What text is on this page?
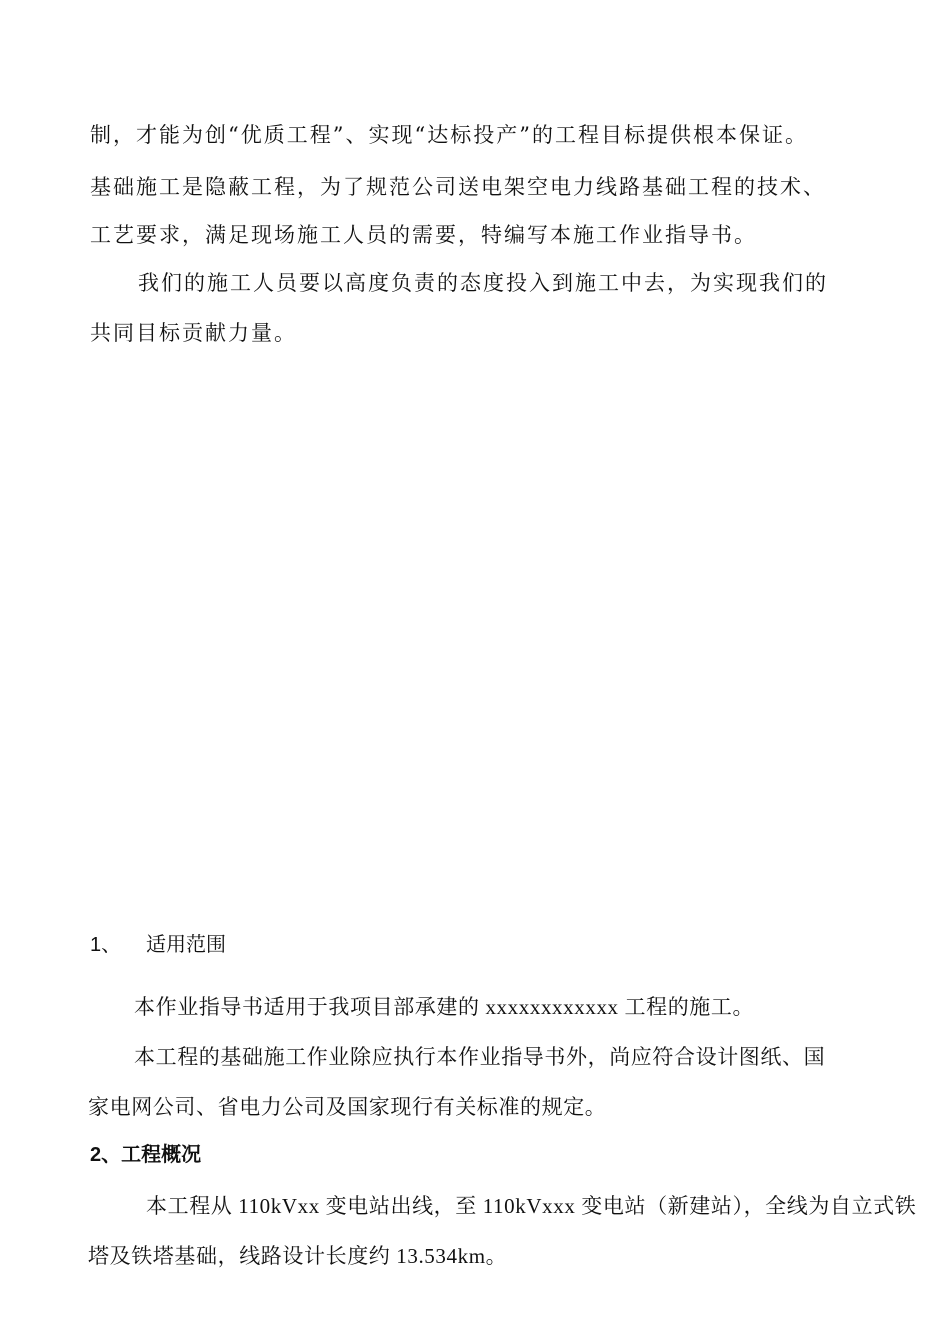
制，才能为创“优质工程”、实现“达标投产”的工程目标提供根本保证。
基础施工是隐蔽工程，为了规范公司送电架空电力线路基础工程的技术、
工艺要求，满足现场施工人员的需要，特编写本施工作业指导书。
我们的施工人员要以高度负责的态度投入到施工中去，为实现我们的
共同目标贡献力量。
1、 适用范围
本作业指导书适用于我项目部承建的 xxxxxxxxxxxx 工程的施工。
本工程的基础施工作业除应执行本作业指导书外，尚应符合设计图纸、国
家电网公司、省电力公司及国家现行有关标准的规定。
2、工程概况
本工程从 110kVxx 变电站出线，至 110kVxxx 变电站（新建站），全线为自立式铁
塔及铁塔基础，线路设计长度约 13.534km。
